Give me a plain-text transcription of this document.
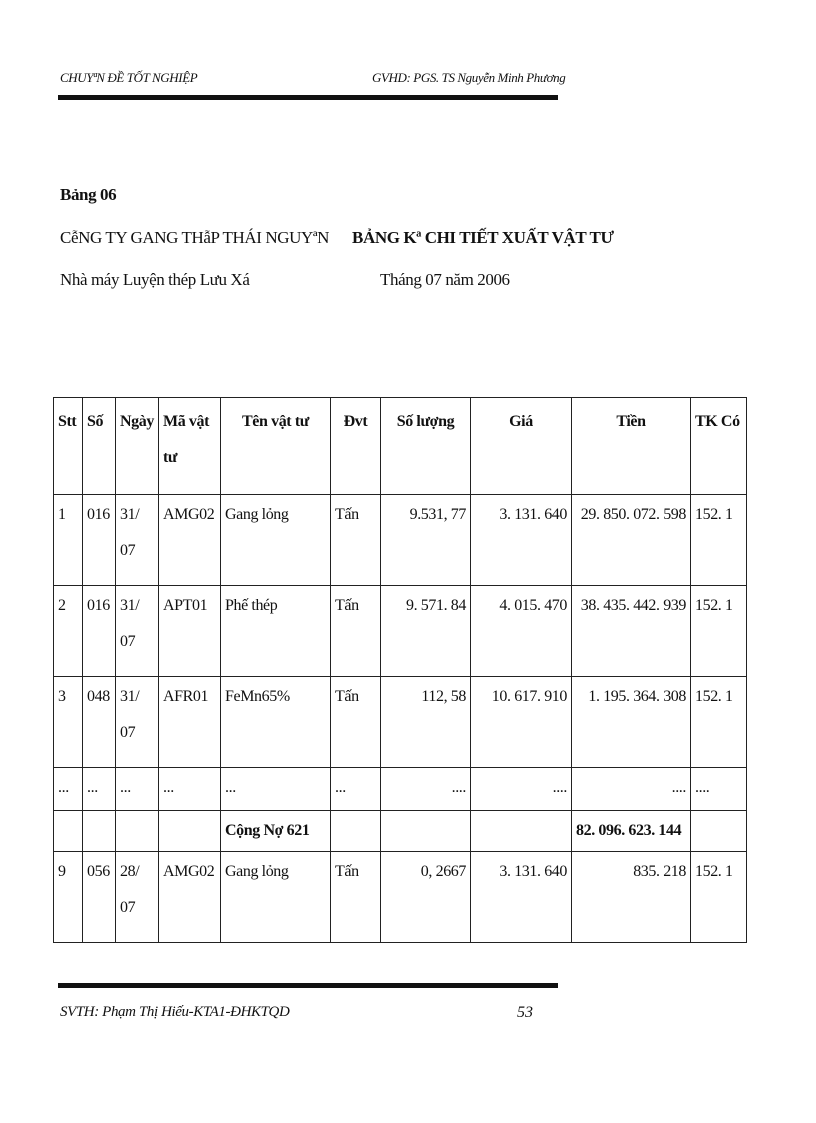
CHUYªN ĐỀ TỐT NGHIỆP	GVHD: PGS. TS Nguyễn Minh Phương
Bảng 06
CễNG TY GANG THẫP THÁI NGUYªN BẢNG Kª CHI TIẾT XUẤT VẬT TƯ
Nhà máy Luyện thép Lưu Xá	Tháng 07 năm 2006
Stt	Số	Ngày	Mã vật tư	Tên vật tư	Đvt	Số lượng	Giá	Tiền	TK Có
1	016	31/ 07	AMG02	Gang lỏng	Tấn	9.531, 77	3. 131. 640	29. 850. 072. 598	152. 1
2	016	31/ 07	APT01	Phế thép	Tấn	9. 571. 84	4. 015. 470	38. 435. 442. 939	152. 1
3	048	31/ 07	AFR01	FeMn65%	Tấn	112, 58	10. 617. 910	1. 195. 364. 308	152. 1
...	...	...	...	...	...	....	....	....	....
				Cộng Nợ 621				82. 096. 623. 144	
9	056	28/ 07	AMG02	Gang lỏng	Tấn	0, 2667	3. 131. 640	835. 218	152. 1
SVTH: Phạm Thị Hiếu-KTA1-ĐHKTQD	53
